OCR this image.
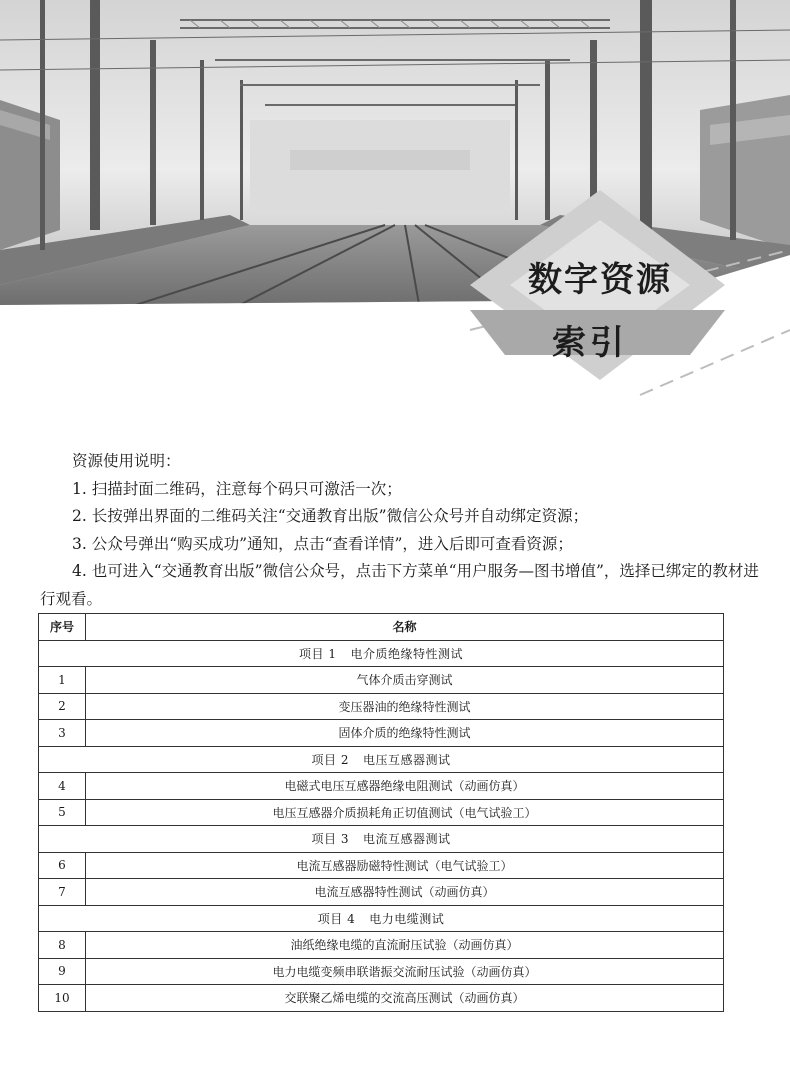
数字资源
索引
资源使用说明：
1. 扫描封面二维码，注意每个码只可激活一次；
2. 长按弹出界面的二维码关注“交通教育出版”微信公众号并自动绑定资源；
3. 公众号弹出“购买成功”通知，点击“查看详情”，进入后即可查看资源；
4. 也可进入“交通教育出版”微信公众号，点击下方菜单“用户服务—图书增值”，选择已绑定的教材进行观看。
序号	名称
项目 1 电介质绝缘特性测试	
1	气体介质击穿测试
2	变压器油的绝缘特性测试
3	固体介质的绝缘特性测试
项目 2 电压互感器测试	
4	电磁式电压互感器绝缘电阻测试（动画仿真）
5	电压互感器介质损耗角正切值测试（电气试验工）
项目 3 电流互感器测试	
6	电流互感器励磁特性测试（电气试验工）
7	电流互感器特性测试（动画仿真）
项目 4 电力电缆测试	
8	油纸绝缘电缆的直流耐压试验（动画仿真）
9	电力电缆变频串联谐振交流耐压试验（动画仿真）
10	交联聚乙烯电缆的交流高压测试（动画仿真）
